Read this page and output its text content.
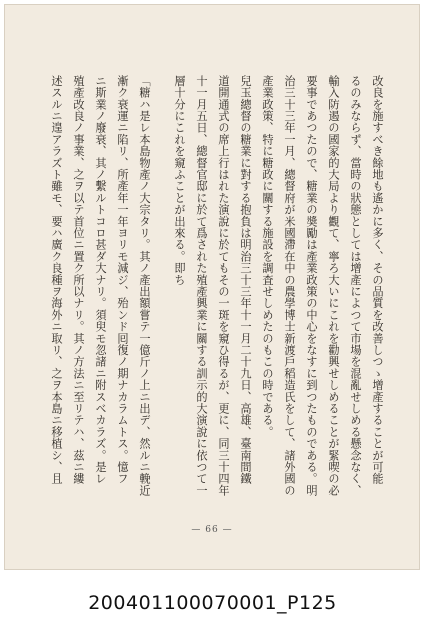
改良を施すべき餘地も遙かに多く、その品質を改善しつゝ增產することが可能
るのみならず、當時の狀態としては增產によつて市場を混亂せしめる懸念なく、
輸入防遏の國家的大局より觀て、寧ろ大いにこれを勸興せしめることが緊喫の必
要事であつたので、糖業の奬勵は產業政策の中心をなすに到つたものである。明
治三十三年一月、總督府が米國滯在中の農學博士新渡戶稻造氏をして、諸外國の
產業政策、特に糖政に關する施設を調査せしめたのもこの時である。
兒玉總督の糖業に對する抱負は明治三十三年十一月二十九日、高雄、臺南間鐵
道開通式の席上行はれた演說に於てもその一斑を窺ひ得るが、更に、同三十四年
十一月五日、總督官邸に於て爲された殖產興業に關する訓示的大演說に依つて一
層十分にこれを窺ふことが出來る。即ち
「糖ハ是レ本島物產ノ大宗タリ。其ノ產出額嘗テ一億斤ノ上ニ出デ、然ルニ輓近
漸ク衰運ニ陷リ、所產年一年ヨリモ減ジ、殆ンド囘復ノ期ナカラムトス。憶フ
ニ斯業ノ廢衰、其ノ繫ルトコロ甚ダ大ナリ。須臾モ忽諸ニ附スベカラズ。是レ
殖產改良ノ事業、之ヲ以テ首位ニ置ク所以ナリ。其ノ方法ニ至リテハ、茲ニ縷
述スルニ遑アラズト雖モ、要ハ廣ク良種ヲ海外ニ取リ、之ヲ本島ニ移植シ、且
— 66 —
200401100070001_P125
